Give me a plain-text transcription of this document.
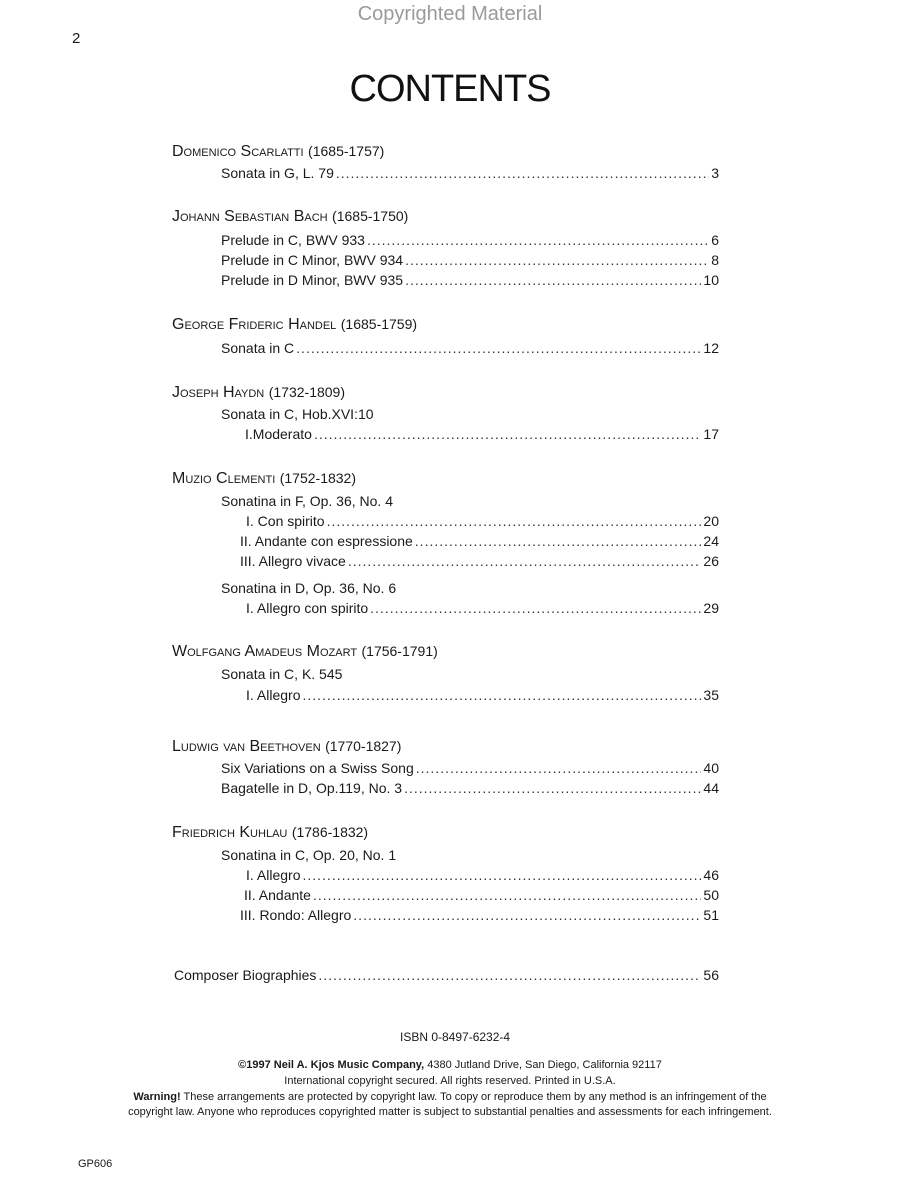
Copyrighted Material
2
CONTENTS
Domenico Scarlatti (1685-1757)
Sonata in G, L. 79 .....	3
Johann Sebastian Bach (1685-1750)
Prelude in C, BWV 933 .....	6
Prelude in C Minor, BWV 934 .....	8
Prelude in D Minor, BWV 935 .....	10
George Frideric Handel (1685-1759)
Sonata in C .....	12
Joseph Haydn (1732-1809)
Sonata in C, Hob.XVI:10
I.Moderato .....	17
Muzio Clementi (1752-1832)
Sonatina in F, Op. 36, No. 4
I. Con spirito .....	20
II. Andante con espressione .....	24
III. Allegro vivace .....	26
Sonatina in D, Op. 36, No. 6
I. Allegro con spirito .....	29
Wolfgang Amadeus Mozart (1756-1791)
Sonata in C, K. 545
I. Allegro .....	35
Ludwig van Beethoven (1770-1827)
Six Variations on a Swiss Song .....	40
Bagatelle in D, Op.119, No. 3 .....	44
Friedrich Kuhlau (1786-1832)
Sonatina in C, Op. 20, No. 1
I. Allegro .....	46
II. Andante .....	50
III. Rondo: Allegro .....	51
Composer Biographies .....	56
ISBN 0-8497-6232-4
©1997 Neil A. Kjos Music Company, 4380 Jutland Drive, San Diego, California 92117
International copyright secured. All rights reserved. Printed in U.S.A.
Warning! These arrangements are protected by copyright law. To copy or reproduce them by any method is an infringement of the
copyright law. Anyone who reproduces copyrighted matter is subject to substantial penalties and assessments for each infringement.
GP606
